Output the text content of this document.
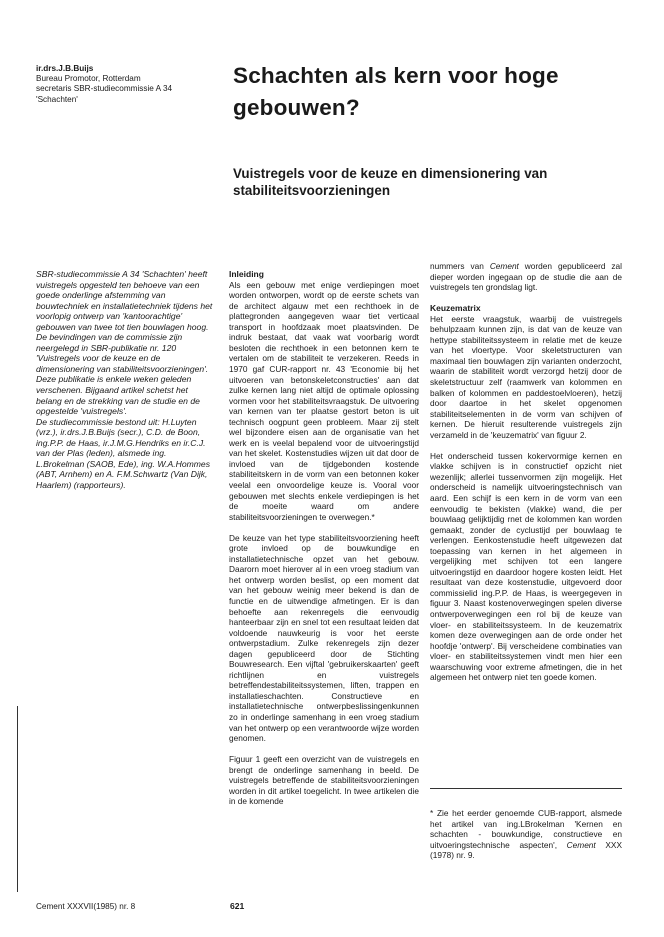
ir.drs.J.B.Buijs
Bureau Promotor, Rotterdam
secretaris SBR-studiecommissie A 34
'Schachten'
Schachten als kern voor hoge gebouwen?
Vuistregels voor de keuze en dimensionering van stabiliteitsvoorzieningen

SBR-studiecommissie A 34 'Schachten' heeft vuistregels opgesteld ten behoeve van een goede onderlinge afstemming van bouwtechniek en installatietechniek tijdens het voorlopig ontwerp van 'kantoorachtige' gebouwen van twee tot tien bouwlagen hoog. De bevindingen van de commissie zijn neergelegd in SBR-publikatie nr. 120 'Vuistregels voor de keuze en de dimensionering van stabiliteitsvoorzieningen'. Deze publikatie is enkele weken geleden verschenen. Bijgaand artikel schetst het belang en de strekking van de studie en de opgestelde 'vuistregels'.

De studiecommissie bestond uit: H.Luyten (vrz.), ir.drs.J.B.Buijs (secr.), C.D. de Boon, ing.P.P. de Haas, ir.J.M.G.Hendriks en ir.C.J. van der Plas (leden), alsmede ing. L.Brokelman (SAOB, Ede), ing. W.A.Hommes (ABT, Arnhem) en A. F.M.Schwartz (Van Dijk, Haarlem) (rapporteurs).

Inleiding

Als een gebouw met enige verdiepingen moet worden ontworpen, wordt op de eerste schets van de architect algauw met een rechthoek in de plattegronden aangegeven waar tiet verticaal transport in hoofdzaak moet plaatsvinden. De indruk bestaat, dat vaak wat voorbarig wordt besloten die rechthoek in een betonnen kern te vertalen om de stabiliteit te verzekeren. Reeds in 1970 gaf CUR-rapport nr. 43 'Economie bij het uitvoeren van betonskeletconstructies' aan dat zulke kernen lang niet altijd de optimale oplossing vormen voor het stabiliteitsvraagstuk. De uitvoering van kernen van ter plaatse gestort beton is uit technisch oogpunt geen probleem. Maar zij stelt wel bijzondere eisen aan de organisatie van het werk en is veelal bepalend voor de uitvoeringstijd van het skelet. Kostenstudies wijzen uit dat door de invloed van de tijdgebonden kostende stabiliteitskern in de vorm van een betonnen koker veelal een onvoordelige keuze is. Vooral voor gebouwen met slechts enkele verdiepingen is het de moeite waard om andere stabiliteitsvoorzieningen te overwegen.*

De keuze van het type stabiliteitsvoorziening heeft grote invloed op de bouwkundige en installatietechnische opzet van het gebouw. Daarorn moet hierover al in een vroeg stadium van het ontwerp worden beslist, op een moment dat van het gebouw weinig meer bekend is dan de functie en de uitwendige afmetingen. Er is dan behoefte aan rekenregels die eenvoudig hanteerbaar zijn en snel tot een resultaat leiden dat voldoende nauwkeurig is voor het eerste ontwerpstadium. Zulke rekenregels zijn dezer dagen gepubliceerd door de Stichting Bouwresearch. Een vijftal 'gebruikerskaarten' geeft richtlijnen en vuistregels betreffendestabiliteitssystemen, liften, trappen en installatieschachten. Constructieve en installatietechnische ontwerpbeslissingenkunnen zo in onderlinge samenhang in een vroeg stadium van het ontwerp op een verantwoorde wijze worden genomen.

Figuur 1 geeft een overzicht van de vuistregels en brengt de onderlinge samenhang in beeld. De vuistregels betreffende de stabiliteitsvoorzieningen worden in dit artikel toegelicht. In twee artikelen die in de komende

nummers van Cement worden gepubliceerd zal dieper worden ingegaan op de studie die aan de vuistregels ten grondslag ligt.

Keuzematrix

Het eerste vraagstuk, waarbij de vuistregels behulpzaam kunnen zijn, is dat van de keuze van hettype stabiliteitssysteem in relatie met de keuze van het vloertype. Voor skeletstructuren van maximaal tien bouwlagen zijn varianten onderzocht, waarin de stabiliteit wordt verzorgd hetzij door de skeletstructuur zelf (raamwerk van kolommen en balken of kolommen en paddestoelvloeren), hetzij door daartoe in het skelet opgenomen stabiliteitselementen in de vorm van schijven of kernen. De hieruit resulterende vuistregels zijn verzameld in de 'keuzematrix' van figuur 2.

Het onderscheid tussen kokervormige kernen en vlakke schijven is in constructief opzicht niet wezenlijk; allerlei tussenvormen zijn mogelijk. Het onderscheid is namelijk uitvoeringstechnisch van aard. Een schijf is een kern in de vorm van een eenvoudig te bekisten (vlakke) wand, die per bouwlaag gelijktijdig rnet de kolommen kan worden gemaakt, zonder de cyclustijd per bouwlaag te verlengen. Eenkostenstudie heeft uitgewezen dat toepassing van kernen in het algemeen in vergelijking met schijven tot een langere uitvoeringstijd en daardoor hogere kosten leidt. Het resultaat van deze kostenstudie, uitgevoerd door commissielid ing.P.P. de Haas, is weergegeven in figuur 3. Naast kostenoverwegingen spelen diverse ontwerpoverwegingen een rol bij de keuze van vloer- en stabiliteitssysteem. In de keuzematrix komen deze overwegingen aan de orde onder het hoofdje 'ontwerp'. Bij verscheidene combinaties van vloer- en stabiliteitssystemen vindt men hier een waarschuwing voor extreme afmetingen, die in het algemeen het ontwerp niet ten goede komen.

* Zie het eerder genoemde CUB-rapport, alsmede het artikel van ing.LBrokelman 'Kernen en schachten - bouwkundige, constructieve en uitvoeringstechnische aspecten', Cement XXX (1978) nr. 9.
Cement XXXVII(1985) nr. 8	621
